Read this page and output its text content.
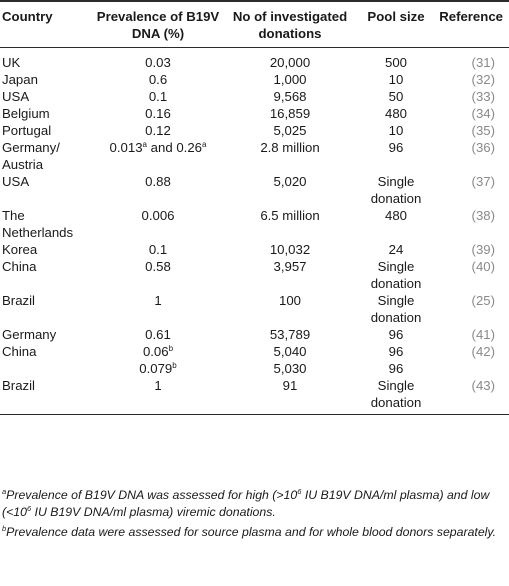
Country	Prevalence of B19V DNA (%)	No of investigated donations	Pool size	Reference
UK	0.03	20,000	500	(31)
Japan	0.6	1,000	10	(32)
USA	0.1	9,568	50	(33)
Belgium	0.16	16,859	480	(34)
Portugal	0.12	5,025	10	(35)
Germany/ Austria	0.013$^a$ and 0.26$^a$	2.8 million	96	(36)
USA	0.88	5,020	Single donation	(37)
The Netherlands	0.006	6.5 million	480	(38)
Korea	0.1	10,032	24	(39)
China	0.58	3,957	Single donation	(40)
Brazil	1	100	Single donation	(25)
Germany	0.61	53,789	96	(41)
China	0.06$^b$	5,040	96	(42)
	0.079$^b$	5,030	96	
Brazil	1	91	Single donation	(43)

$^a$Prevalence of B19V DNA was assessed for high ($>10^6$ IU B19V DNA/ml plasma) and low ($<10^6$ IU B19V DNA/ml plasma) viremic donations.

$^b$Prevalence data were assessed for source plasma and for whole blood donors separately.
